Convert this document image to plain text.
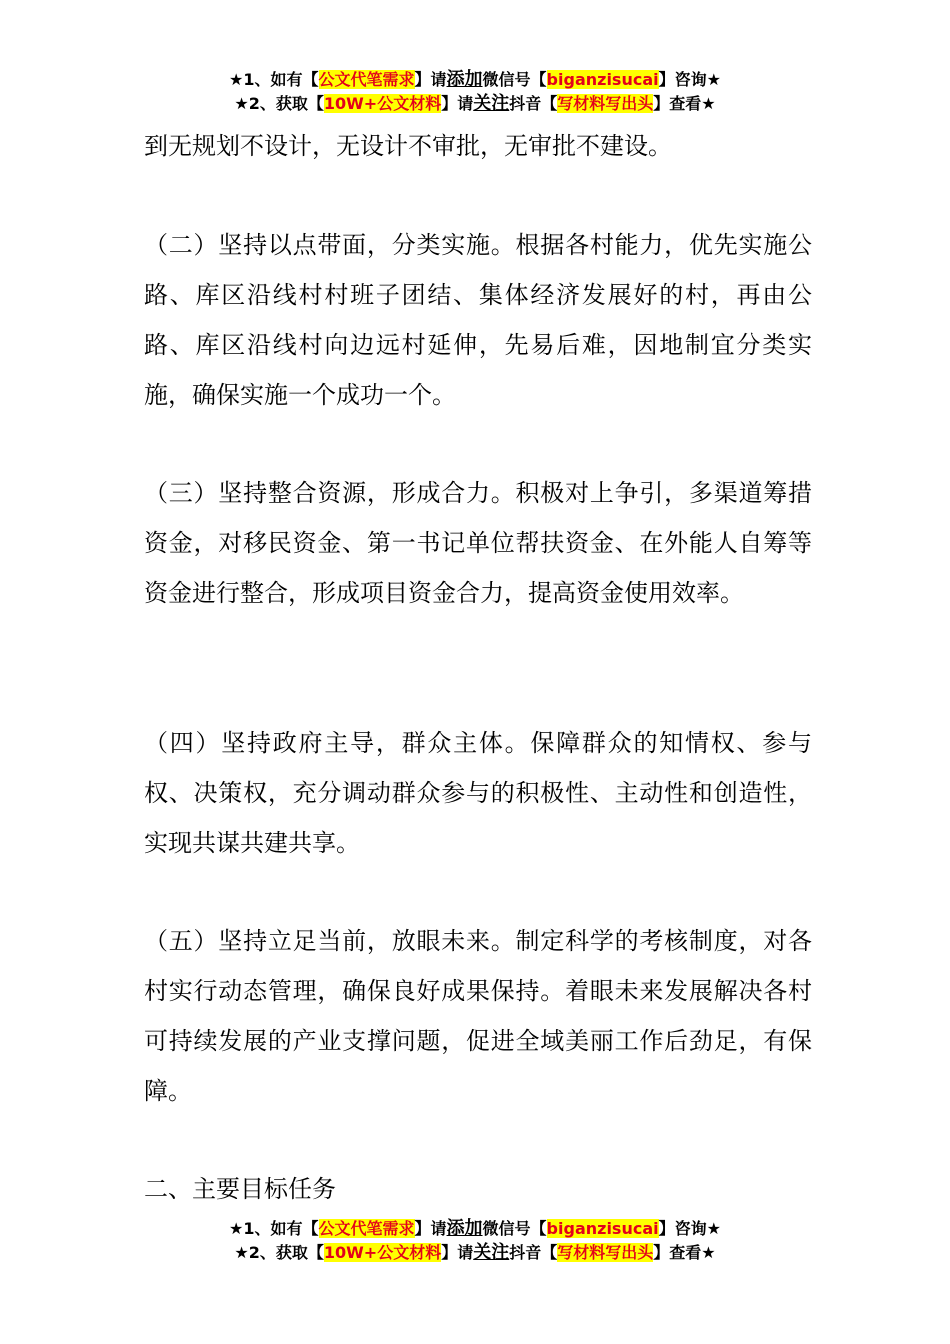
★1、如有【公文代笔需求】请添加微信号【biganzisucai】咨询★
★2、获取【10W+公文材料】请关注抖音【写材料写出头】查看★

到无规划不设计，无设计不审批，无审批不建设。

（二）坚持以点带面，分类实施。根据各村能力，优先实施公路、库区沿线村村班子团结、集体经济发展好的村，再由公路、库区沿线村向边远村延伸，先易后难，因地制宜分类实施，确保实施一个成功一个。

（三）坚持整合资源，形成合力。积极对上争引，多渠道筹措资金，对移民资金、第一书记单位帮扶资金、在外能人自筹等资金进行整合，形成项目资金合力，提高资金使用效率。

（四）坚持政府主导，群众主体。保障群众的知情权、参与权、决策权，充分调动群众参与的积极性、主动性和创造性，实现共谋共建共享。

（五）坚持立足当前，放眼未来。制定科学的考核制度，对各村实行动态管理，确保良好成果保持。着眼未来发展解决各村可持续发展的产业支撑问题，促进全域美丽工作后劲足，有保障。

二、主要目标任务

★1、如有【公文代笔需求】请添加微信号【biganzisucai】咨询★
★2、获取【10W+公文材料】请关注抖音【写材料写出头】查看★
